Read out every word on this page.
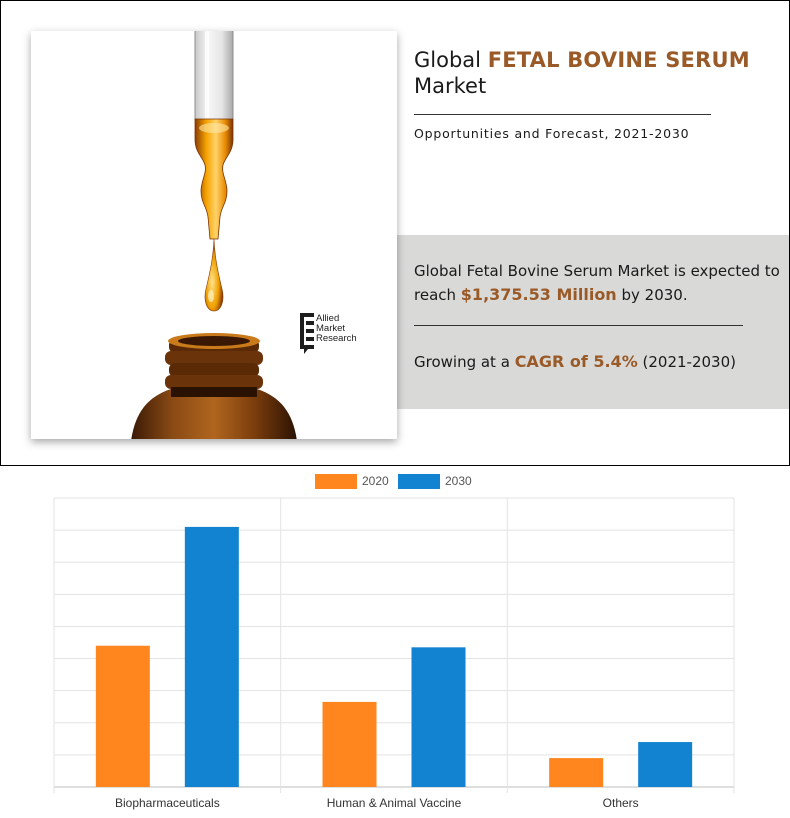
Allied
Market
Research
Global FETAL BOVINE SERUM
Market
Opportunities and Forecast, 2021-2030
Global Fetal Bovine Serum Market is expected to reach $1,375.53 Million by 2030.
Growing at a CAGR of 5.4% (2021-2030)
2020	2030
Biopharmaceuticals	Human & Animal Vaccine	Others
